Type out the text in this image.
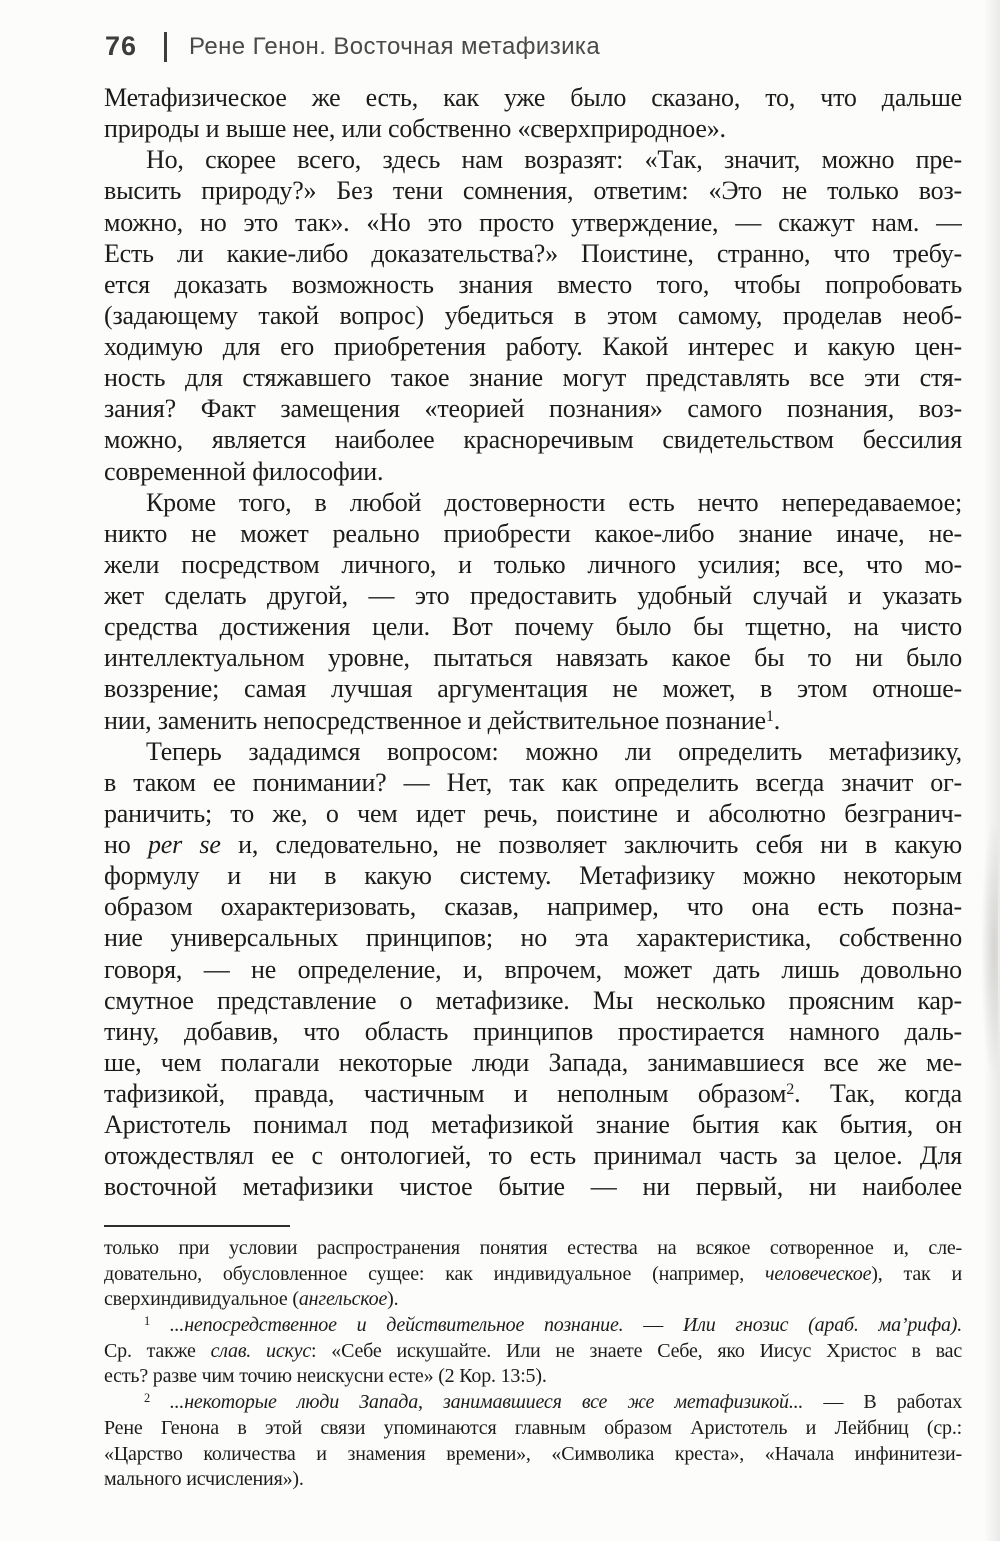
76 Рене Генон. Восточная метафизика
Метафизическое же есть, как уже было сказано, то, что дальше
природы и выше нее, или собственно «сверхприродное».
Но, скорее всего, здесь нам возразят: «Так, значит, можно пре-
высить природу?» Без тени сомнения, ответим: «Это не только воз-
можно, но это так». «Но это просто утверждение, — скажут нам. —
Есть ли какие-либо доказательства?» Поистине, странно, что требу-
ется доказать возможность знания вместо того, чтобы попробовать
(задающему такой вопрос) убедиться в этом самому, проделав необ-
ходимую для его приобретения работу. Какой интерес и какую цен-
ность для стяжавшего такое знание могут представлять все эти стя-
зания? Факт замещения «теорией познания» самого познания, воз-
можно, является наиболее красноречивым свидетельством бессилия
современной философии.
Кроме того, в любой достоверности есть нечто непередаваемое;
никто не может реально приобрести какое-либо знание иначе, не-
жели посредством личного, и только личного усилия; все, что мо-
жет сделать другой, — это предоставить удобный случай и указать
средства достижения цели. Вот почему было бы тщетно, на чисто
интеллектуальном уровне, пытаться навязать какое бы то ни было
воззрение; самая лучшая аргументация не может, в этом отноше-
нии, заменить непосредственное и действительное познание$^1$.
Теперь зададимся вопросом: можно ли определить метафизику,
в таком ее понимании? — Нет, так как определить всегда значит ог-
раничить; то же, о чем идет речь, поистине и абсолютно безгранич-
но per se и, следовательно, не позволяет заключить себя ни в какую
формулу и ни в какую систему. Метафизику можно некоторым
образом охарактеризовать, сказав, например, что она есть позна-
ние универсальных принципов; но эта характеристика, собственно
говоря, — не определение, и, впрочем, может дать лишь довольно
смутное представление о метафизике. Мы несколько проясним кар-
тину, добавив, что область принципов простирается намного даль-
ше, чем полагали некоторые люди Запада, занимавшиеся все же ме-
тафизикой, правда, частичным и неполным образом$^2$. Так, когда
Аристотель понимал под метафизикой знание бытия как бытия, он
отождествлял ее с онтологией, то есть принимал часть за целое. Для
восточной метафизики чистое бытие — ни первый, ни наиболее
только при условии распространения понятия естества на всякое сотворенное и, сле-
довательно, обусловленное сущее: как индивидуальное (например, человеческое), так и
сверхиндивидуальное (ангельское).
$^1$  ...непосредственное и действительное познание. — Или гнозис (араб. ма’рифа).
Ср. также слав. искус: «Себе искушайте. Или не знаете Себе, яко Иисус Христос в вас
есть? разве чим точию неискусни есте» (2 Кор. 13:5).
$^2$  ...некоторые люди Запада, занимавшиеся все же метафизикой... — В работах
Рене Генона в этой связи упоминаются главным образом Аристотель и Лейбниц (ср.:
«Царство количества и знамения времени», «Символика креста», «Начала инфинитези-
мального исчисления»).
